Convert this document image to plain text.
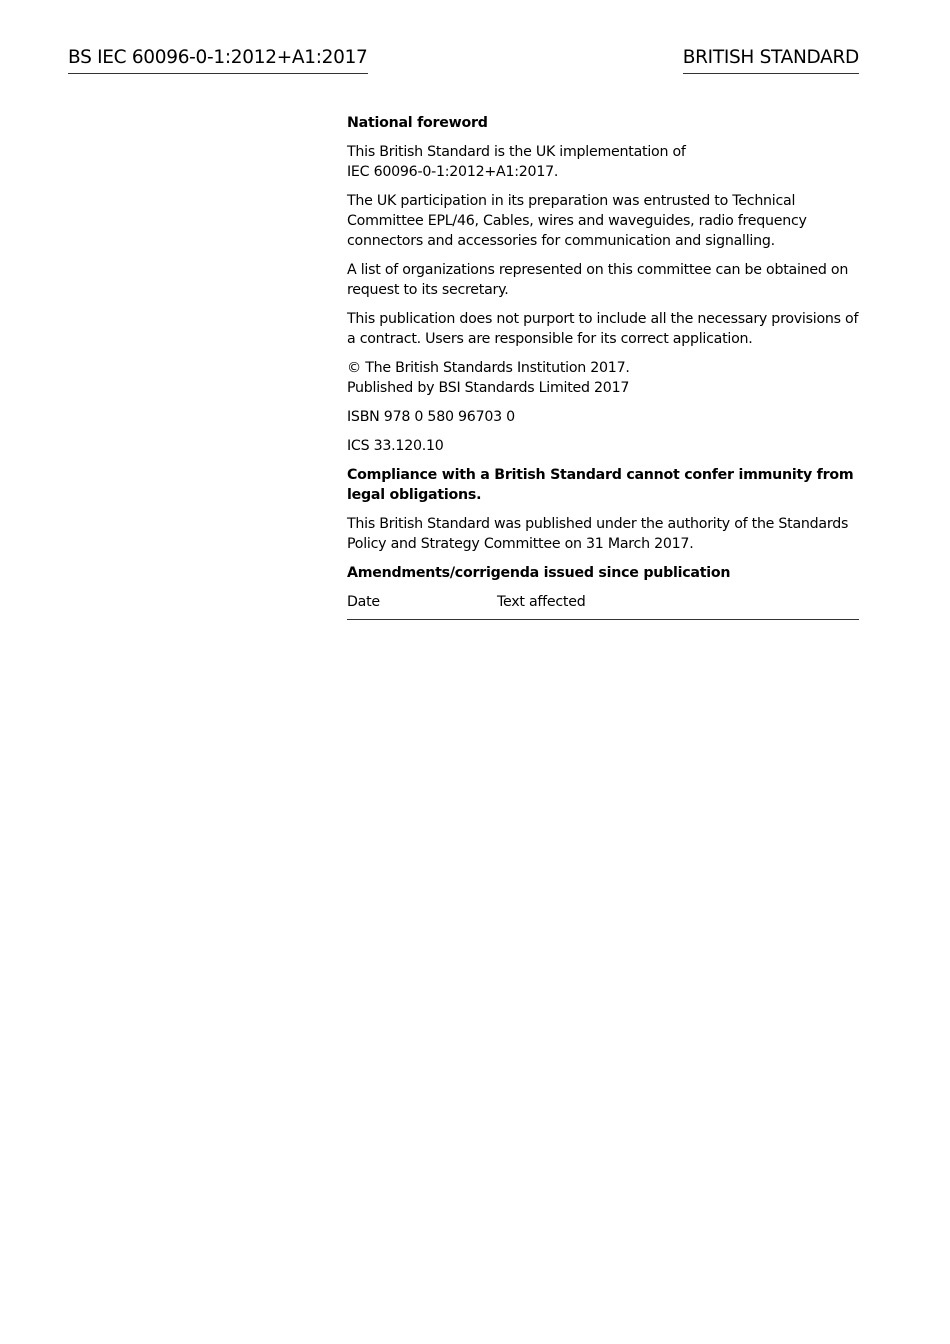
BS IEC 60096-0-1:2012+A1:2017	BRITISH STANDARD
National foreword

This British Standard is the UK implementation of
IEC 60096-0-1:2012+A1:2017.

The UK participation in its preparation was entrusted to Technical Committee EPL/46, Cables, wires and waveguides, radio frequency connectors and accessories for communication and signalling.

A list of organizations represented on this committee can be obtained on request to its secretary.

This publication does not purport to include all the necessary provisions of a contract. Users are responsible for its correct application.

© The British Standards Institution 2017.
Published by BSI Standards Limited 2017

ISBN 978 0 580 96703 0

ICS 33.120.10

Compliance with a British Standard cannot confer immunity from legal obligations.

This British Standard was published under the authority of the Standards Policy and Strategy Committee on 31 March 2017.

Amendments/corrigenda issued since publication
Date	Text affected
